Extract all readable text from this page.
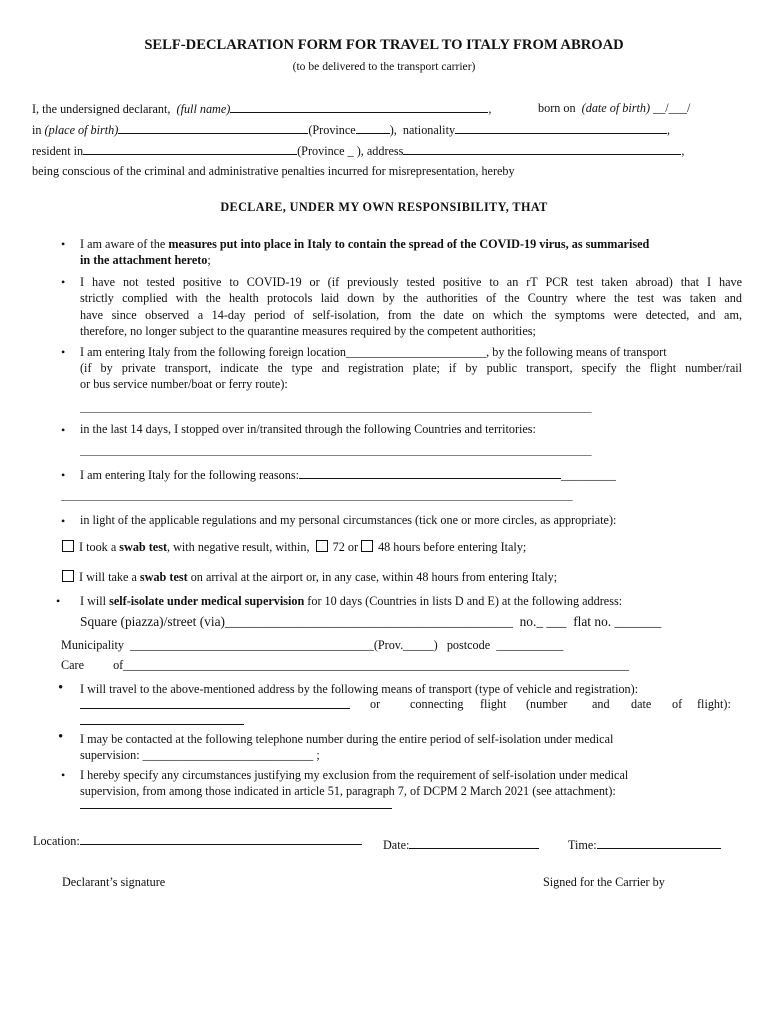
SELF-DECLARATION FORM FOR TRAVEL TO ITALY FROM ABROAD
(to be delivered to the transport carrier)
I, the undersigned declarant, (full name)	,	born on (date of birth) __/___/
in (place of birth)	(Province	), nationality	,
resident in	(Province _ ), address	,
being conscious of the criminal and administrative penalties incurred for misrepresentation, hereby
DECLARE, UNDER MY OWN RESPONSIBILITY, THAT
• I am aware of the measures put into place in Italy to contain the spread of the COVID-19 virus, as summarised
in the attachment hereto;
• I have not tested positive to COVID-19 or (if previously tested positive to an rT PCR test taken abroad) that I have
strictly complied with the health protocols laid down by the authorities of the Country where the test was taken and
have since observed a 14-day period of self-isolation, from the date on which the symptoms were detected, and am,
therefore, no longer subject to the quarantine measures required by the competent authorities;
• I am entering Italy from the following foreign location_______________________, by the following means of transport
(if by private transport, indicate the type and registration plate; if by public transport, specify the flight number/rail
or bus service number/boat or ferry route):
_____________________________________________________________________________________________
• in the last 14 days, I stopped over in/transited through the following Countries and territories:
_____________________________________________________________________________________________
• I am entering Italy for the following reasons:	_________
_____________________________________________________________________________________________
• in light of the applicable regulations and my personal circumstances (tick one or more circles, as appropriate):
I took a swab test, with negative result, within, 72 or 48 hours before entering Italy;
I will take a swab test on arrival at the airport or, in any case, within 48 hours from entering Italy;
• I will self-isolate under medical supervision for 10 days (Countries in lists D and E) at the following address:
Square (piazza)/street (via)___________________________________________ no._ ___ flat no. _______
Municipality ________________________________________(Prov._____) postcode ___________
Care of___________________________________________________________________________________
• I will travel to the above-mentioned address by the following means of transport (type of vehicle and registration):
or connecting flight (number and date of flight):
• I may be contacted at the following telephone number during the entire period of self-isolation under medical
supervision: ____________________________ ;
• I hereby specify any circumstances justifying my exclusion from the requirement of self-isolation under medical
supervision, from among those indicated in article 51, paragraph 7, of DCPM 2 March 2021 (see attachment):
Location:	Date:	Time:
Declarant’s signature	Signed for the Carrier by
